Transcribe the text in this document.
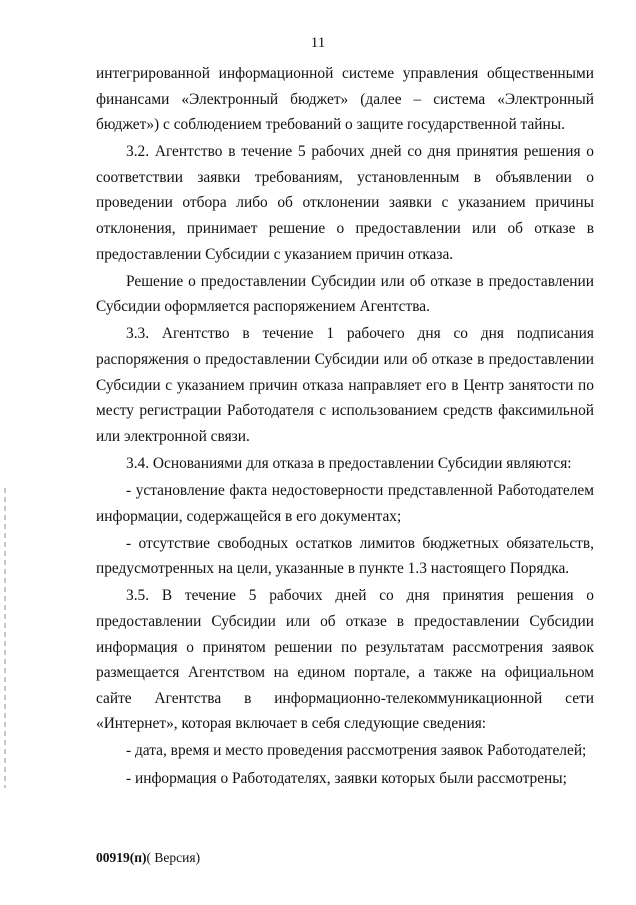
11

интегрированной информационной системе управления общественными финансами «Электронный бюджет» (далее – система «Электронный бюджет») с соблюдением требований о защите государственной тайны.

3.2. Агентство в течение 5 рабочих дней со дня принятия решения о соответствии заявки требованиям, установленным в объявлении о проведении отбора либо об отклонении заявки с указанием причины отклонения, принимает решение о предоставлении или об отказе в предоставлении Субсидии с указанием причин отказа.

Решение о предоставлении Субсидии или об отказе в предоставлении Субсидии оформляется распоряжением Агентства.

3.3. Агентство в течение 1 рабочего дня со дня подписания распоряжения о предоставлении Субсидии или об отказе в предоставлении Субсидии с указанием причин отказа направляет его в Центр занятости по месту регистрации Работодателя с использованием средств факсимильной или электронной связи.

3.4. Основаниями для отказа в предоставлении Субсидии являются:

- установление факта недостоверности представленной Работодателем информации, содержащейся в его документах;

- отсутствие свободных остатков лимитов бюджетных обязательств, предусмотренных на цели, указанные в пункте 1.3 настоящего Порядка.

3.5. В течение 5 рабочих дней со дня принятия решения о предоставлении Субсидии или об отказе в предоставлении Субсидии информация о принятом решении по результатам рассмотрения заявок размещается Агентством на едином портале, а также на официальном сайте Агентства в информационно-телекоммуникационной сети «Интернет», которая включает в себя следующие сведения:

- дата, время и место проведения рассмотрения заявок Работодателей;

- информация о Работодателях, заявки которых были рассмотрены;

00919(п)( Версия)
